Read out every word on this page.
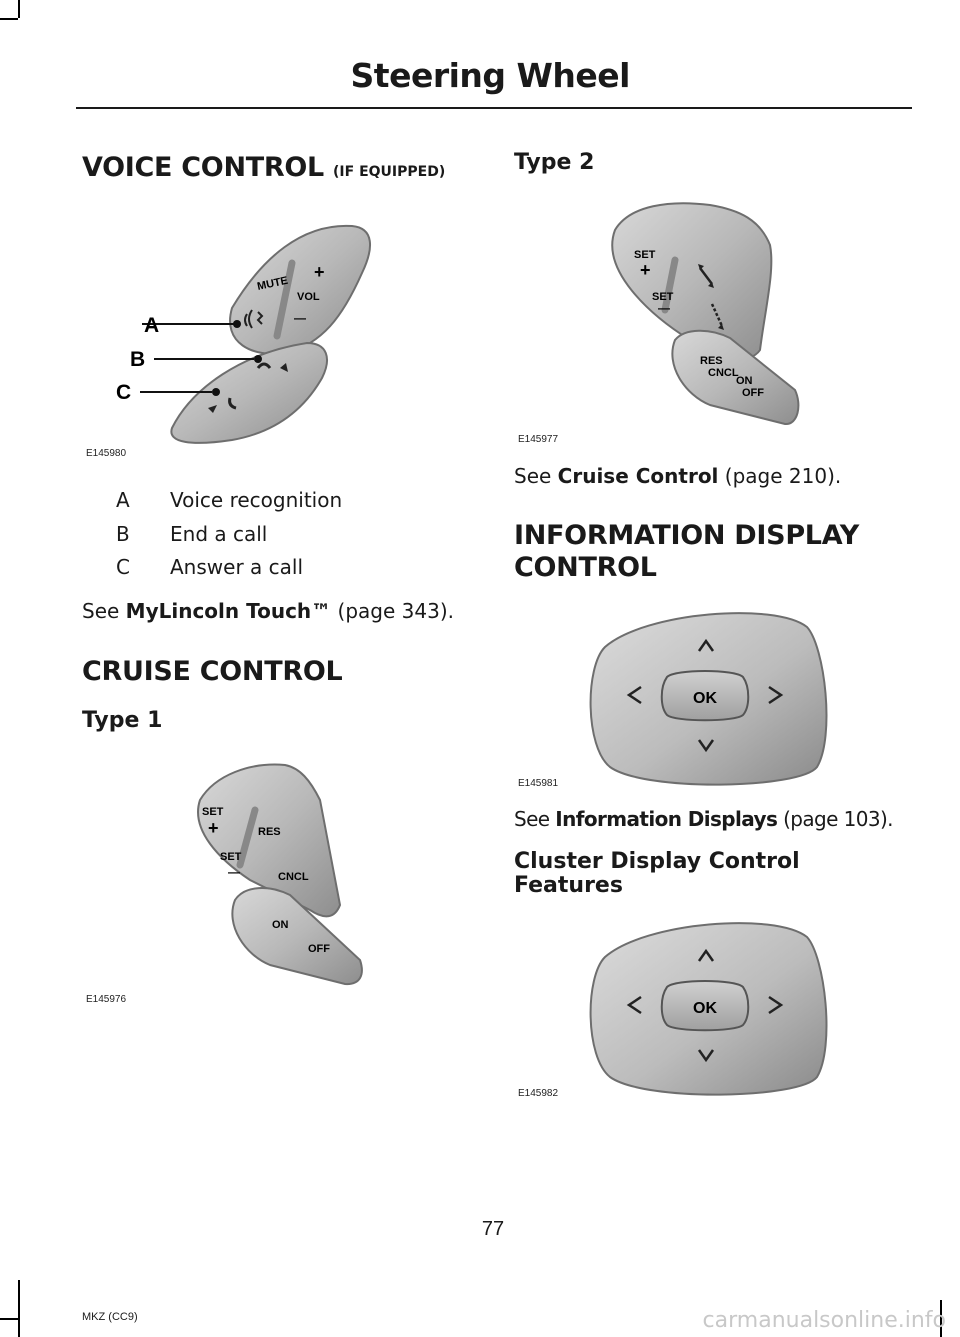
Steering Wheel
VOICE CONTROL (IF EQUIPPED)
MUTE
VOL
+
—
A
B
C
E145980
A Voice recognition
B End a call
C Answer a call
See MyLincoln Touch™ (page 343).
CRUISE CONTROL
Type 1
SET
+
SET
—
RES
CNCL
ON
OFF
E145976
Type 2
SET
+
SET
—
RES
CNCL
ON
OFF
E145977
See Cruise Control (page 210).
INFORMATION DISPLAY
CONTROL
OK
E145981
See Information Displays (page 103).
Cluster Display Control
Features
OK
E145982
77
MKZ (CC9)	carmanualsonline.info
